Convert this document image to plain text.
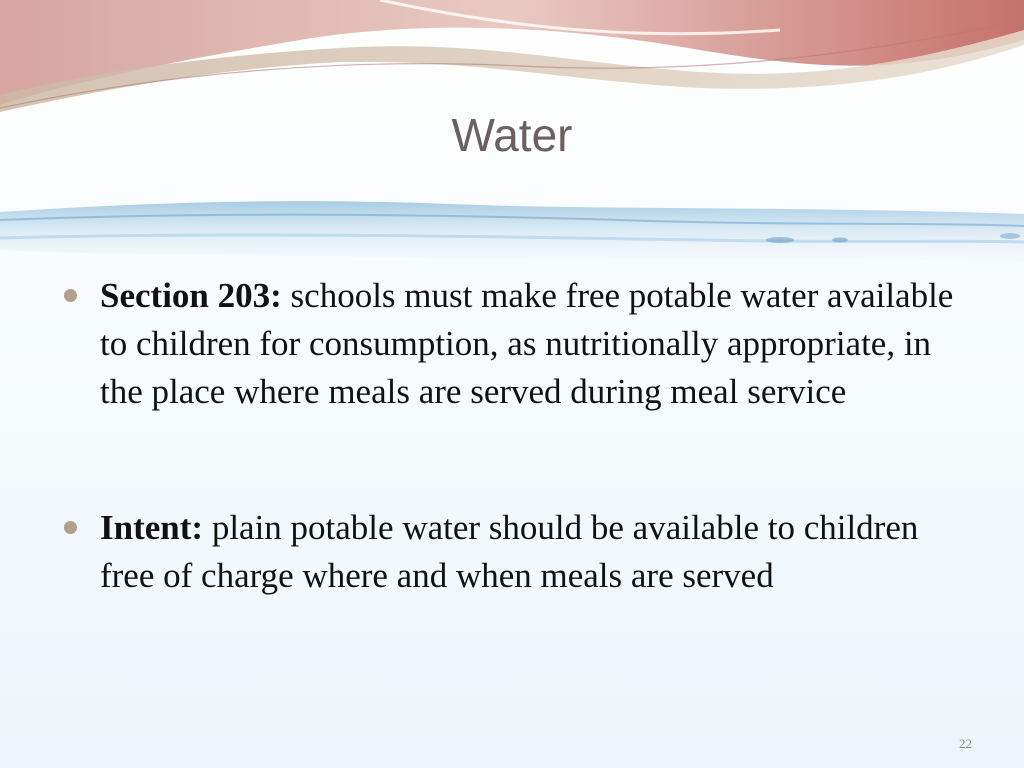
Water

Section 203: schools must make free potable water available to children for consumption, as nutritionally appropriate, in the place where meals are served during meal service

Intent: plain potable water should be available to children free of charge where and when meals are served

22
